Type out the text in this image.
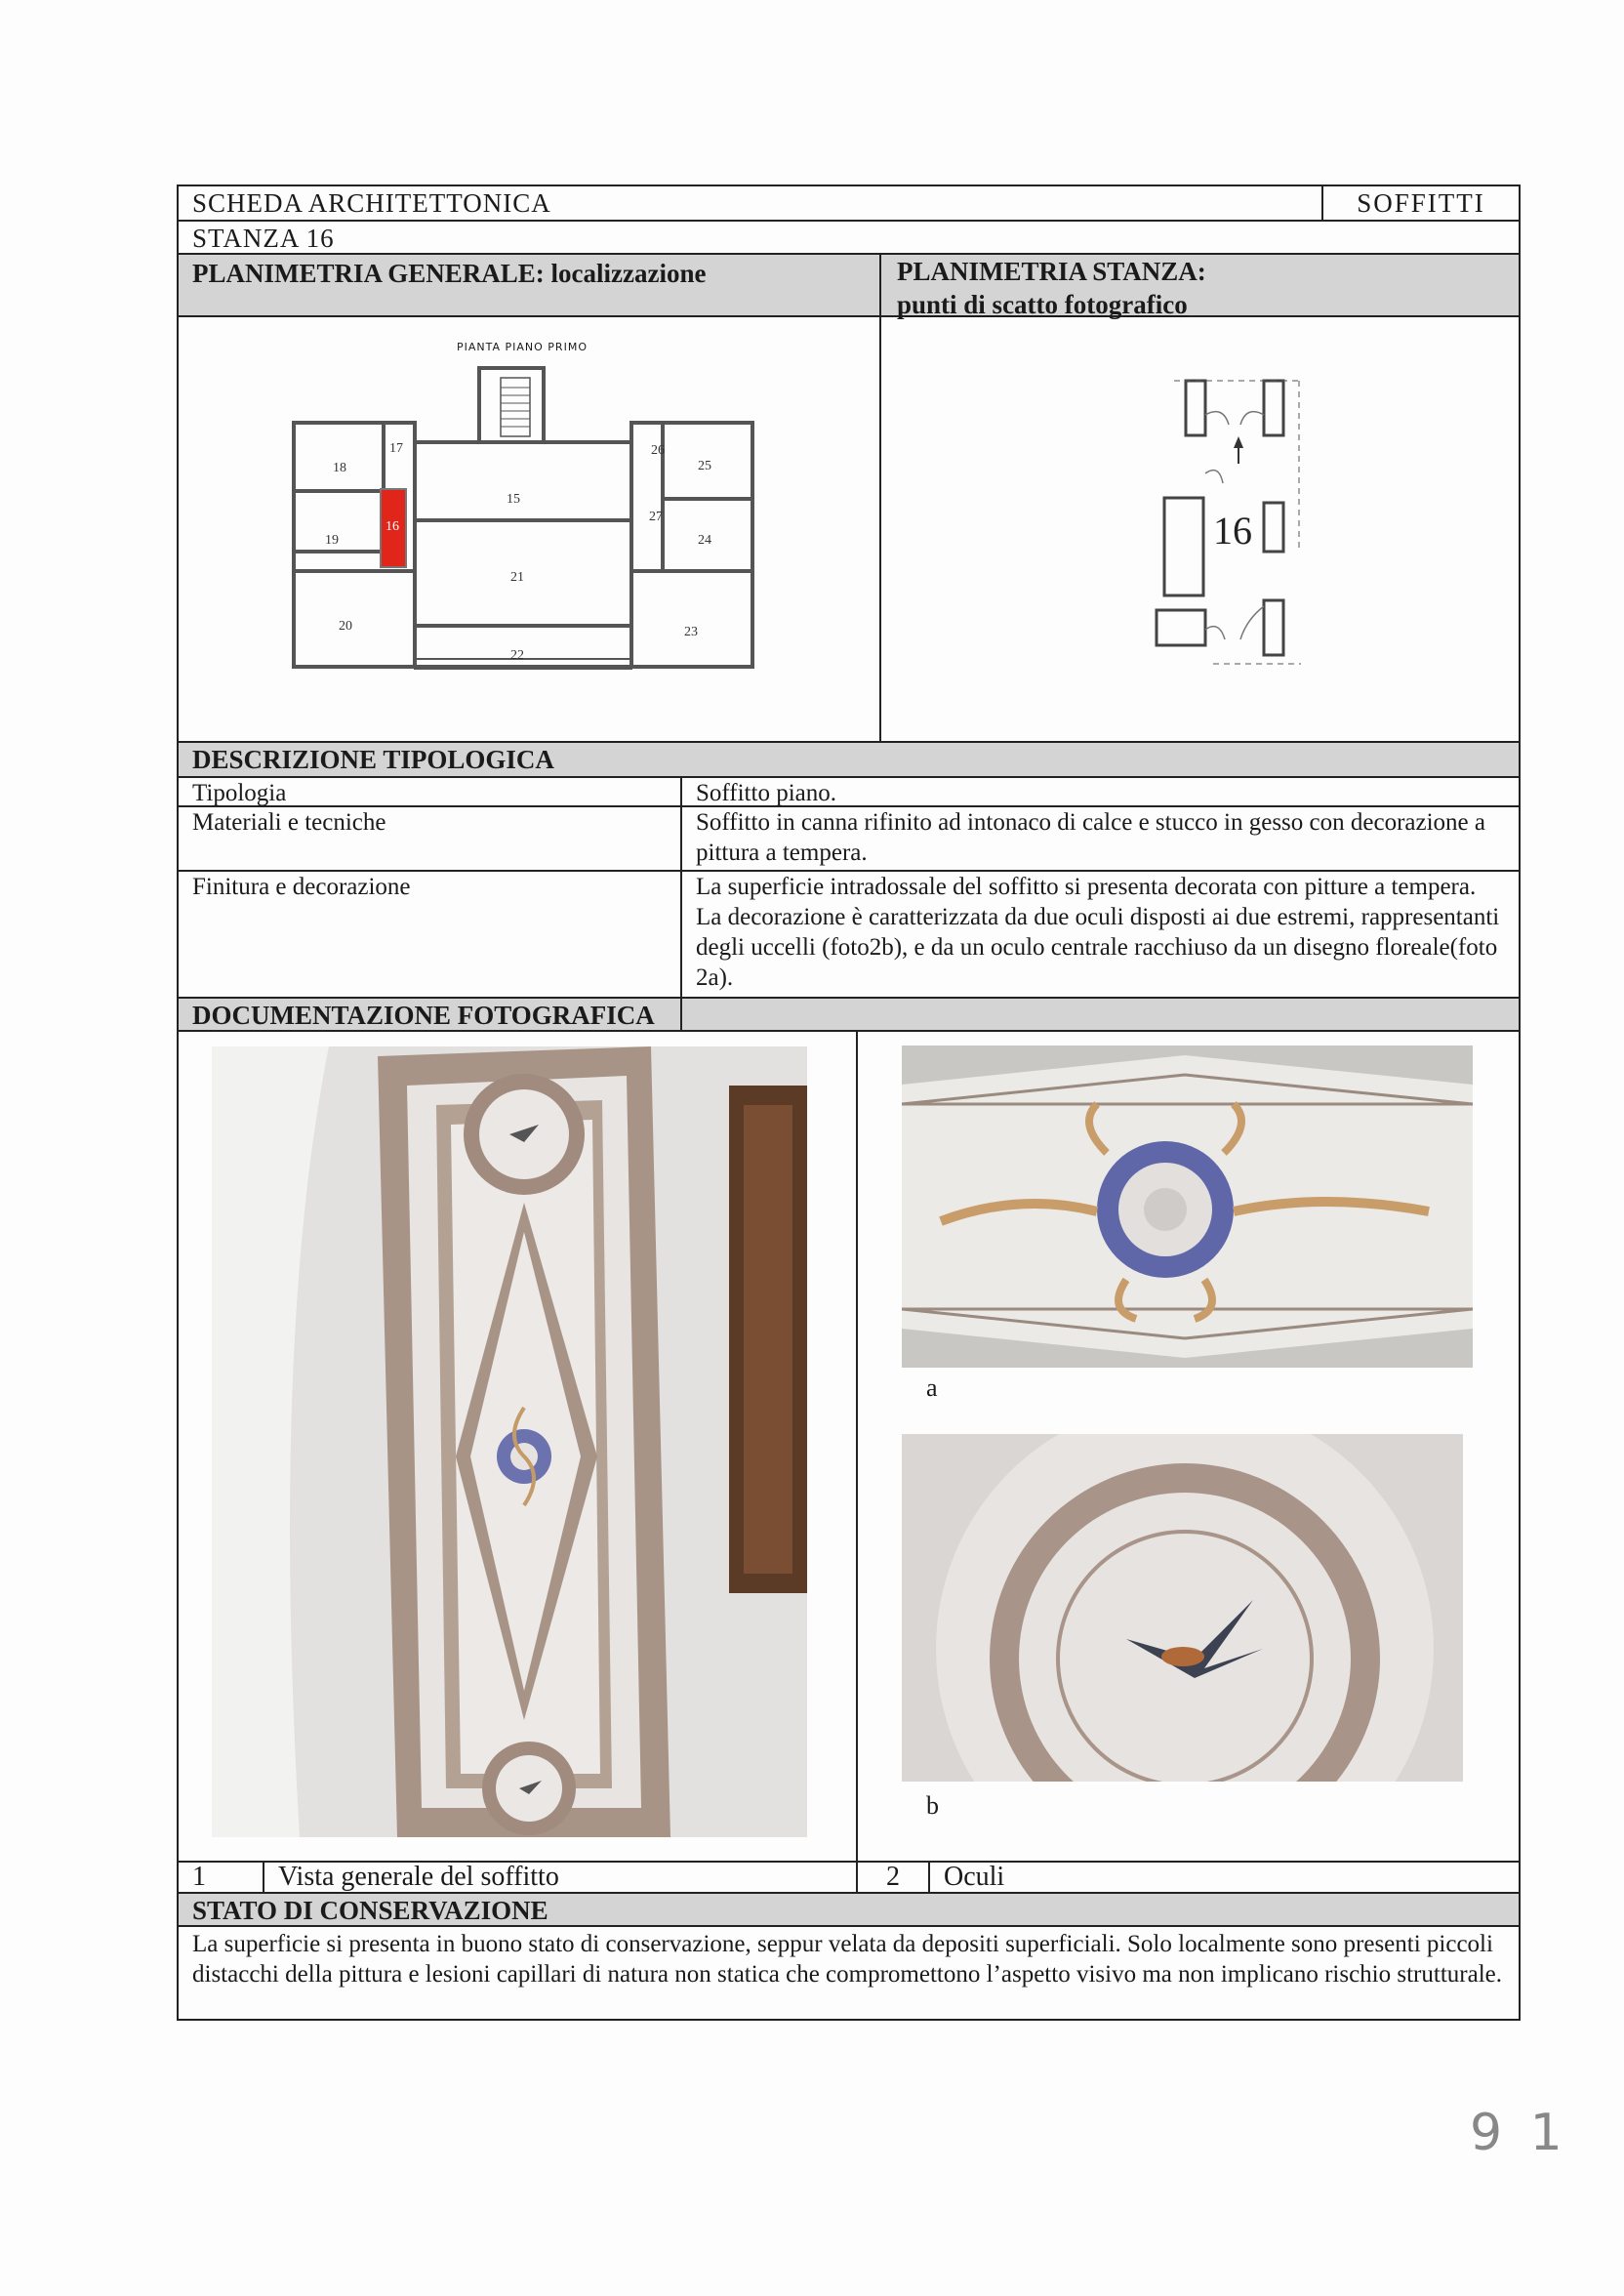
SCHEDA ARCHITETTONICA	SOFFITTI
STANZA 16
PLANIMETRIA GENERALE: localizzazione	PLANIMETRIA STANZA:
punti di scatto fotografico
PIANTA PIANO PRIMO
18
17
15
26
25
19
16
27
24
21
20	23
22
16
DESCRIZIONE TIPOLOGICA
Tipologia	Soffitto piano.
Materiali e tecniche	Soffitto in canna rifinito ad intonaco di calce e stucco in gesso con decorazione a pittura a tempera.
Finitura e decorazione	La superficie intradossale del soffitto si presenta decorata con pitture a tempera. La decorazione è caratterizzata da due oculi disposti ai due estremi, rappresentanti degli uccelli (foto2b), e da un oculo centrale racchiuso da un disegno floreale(foto 2a).
DOCUMENTAZIONE FOTOGRAFICA
a
b
1	Vista generale del soffitto	2	Oculi
STATO DI CONSERVAZIONE
La superficie si presenta in buono stato di conservazione, seppur velata da depositi superficiali. Solo localmente sono presenti piccoli distacchi della pittura e lesioni capillari di natura non statica che compromettono l’aspetto visivo ma non implicano rischio strutturale.
9 1
